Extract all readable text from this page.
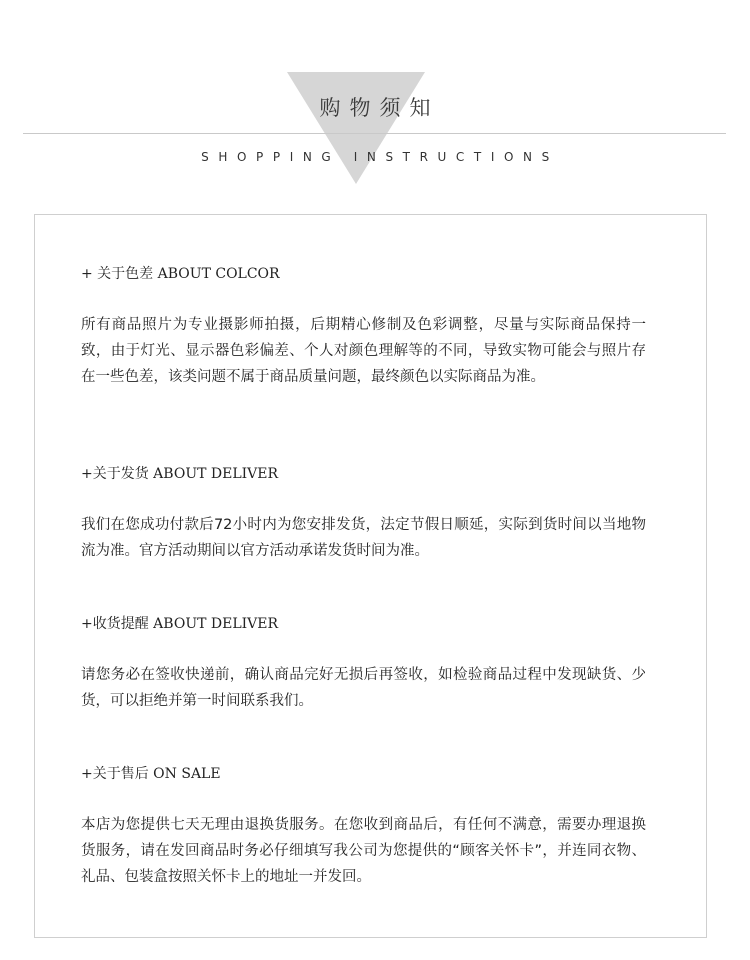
购物须知
SHOPPING INSTRUCTIONS
+ 关于色差 ABOUT COLCOR
所有商品照片为专业摄影师拍摄，后期精心修制及色彩调整，尽量与实际商品保持一致，由于灯光、显示器色彩偏差、个人对颜色理解等的不同，导致实物可能会与照片存在一些色差，该类问题不属于商品质量问题，最终颜色以实际商品为准。
+关于发货 ABOUT DELIVER
我们在您成功付款后72小时内为您安排发货，法定节假日顺延，实际到货时间以当地物流为准。官方活动期间以官方活动承诺发货时间为准。
+收货提醒 ABOUT DELIVER
请您务必在签收快递前，确认商品完好无损后再签收，如检验商品过程中发现缺货、少货，可以拒绝并第一时间联系我们。
+关于售后 ON SALE
本店为您提供七天无理由退换货服务。在您收到商品后，有任何不满意，需要办理退换货服务，请在发回商品时务必仔细填写我公司为您提供的“顾客关怀卡”，并连同衣物、礼品、包装盒按照关怀卡上的地址一并发回。
